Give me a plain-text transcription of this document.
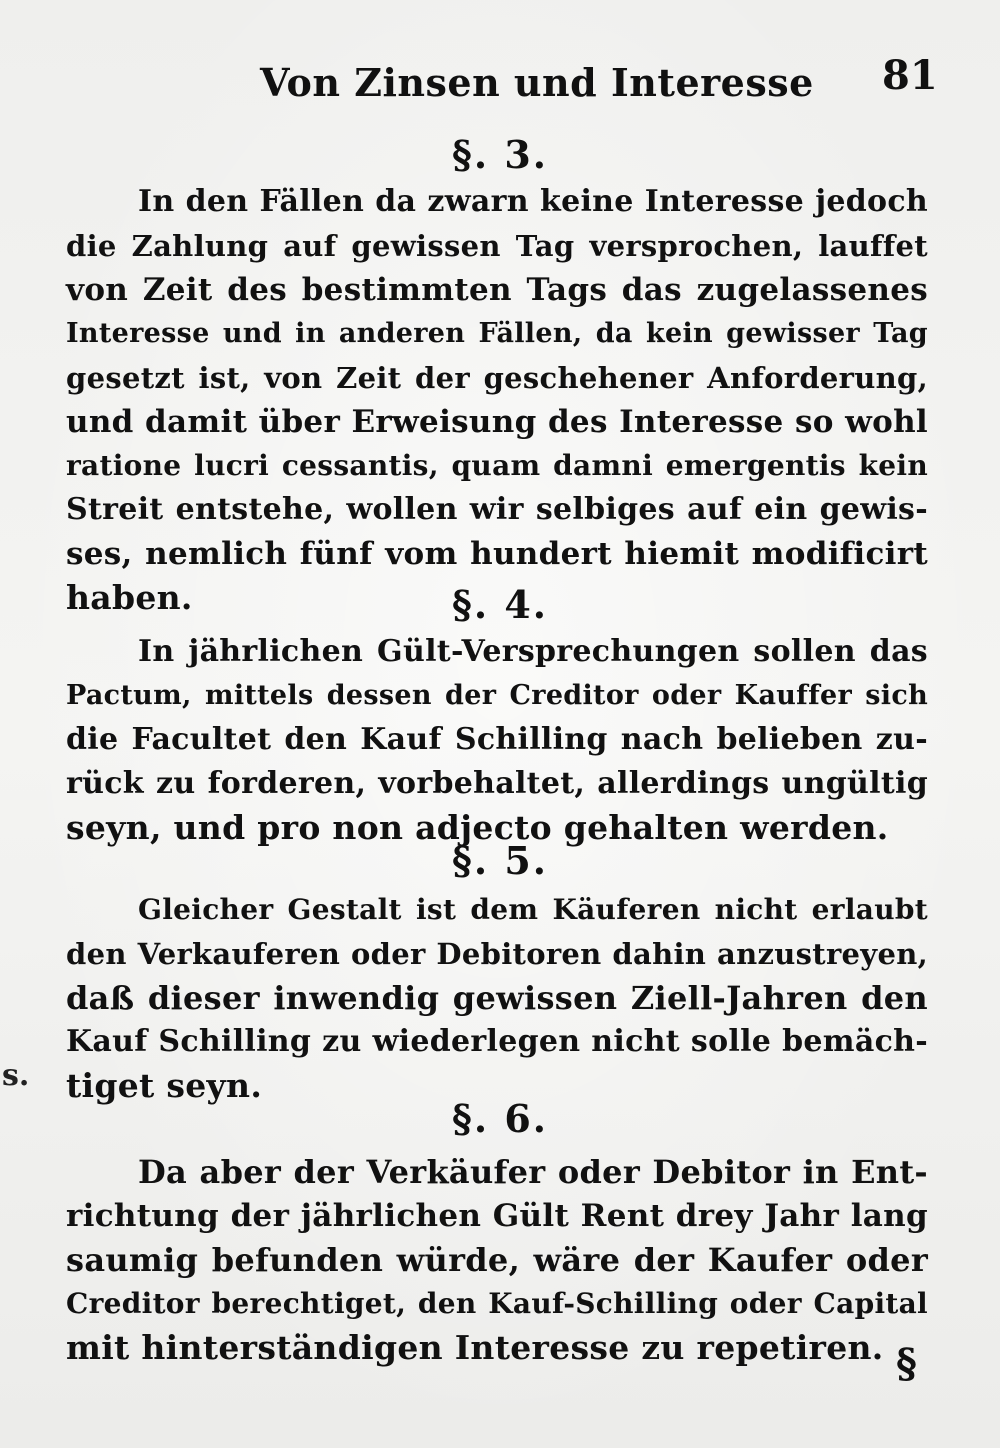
Von Zinsen und Interesse 81
§. 3.
In den Fällen da zwarn keine Interesse jedoch
die Zahlung auf gewissen Tag versprochen, lauffet
von Zeit des bestimmten Tags das zugelassenes
Interesse und in anderen Fällen, da kein gewisser Tag
gesetzt ist, von Zeit der geschehener Anforderung,
und damit über Erweisung des Interesse so wohl
ratione lucri cessantis, quam damni emergentis kein
Streit entstehe, wollen wir selbiges auf ein gewis-
ses, nemlich fünf vom hundert hiemit modificirt
haben.	§. 4.
In jährlichen Gült-Versprechungen sollen das
Pactum, mittels dessen der Creditor oder Kauffer sich
die Facultet den Kauf Schilling nach belieben zu-
rück zu forderen, vorbehaltet, allerdings ungültig
seyn, und pro non adjecto gehalten werden.
§. 5.
Gleicher Gestalt ist dem Käuferen nicht erlaubt
den Verkauferen oder Debitoren dahin anzustreyen,
daß dieser inwendig gewissen Ziell-Jahren den
Kauf Schilling zu wiederlegen nicht solle bemäch-
tiget seyn.
s.
§. 6.
Da aber der Verkäufer oder Debitor in Ent-
richtung der jährlichen Gült Rent drey Jahr lang
saumig befunden würde, wäre der Kaufer oder
Creditor berechtiget, den Kauf-Schilling oder Capital
mit hinterständigen Interesse zu repetiren. §
